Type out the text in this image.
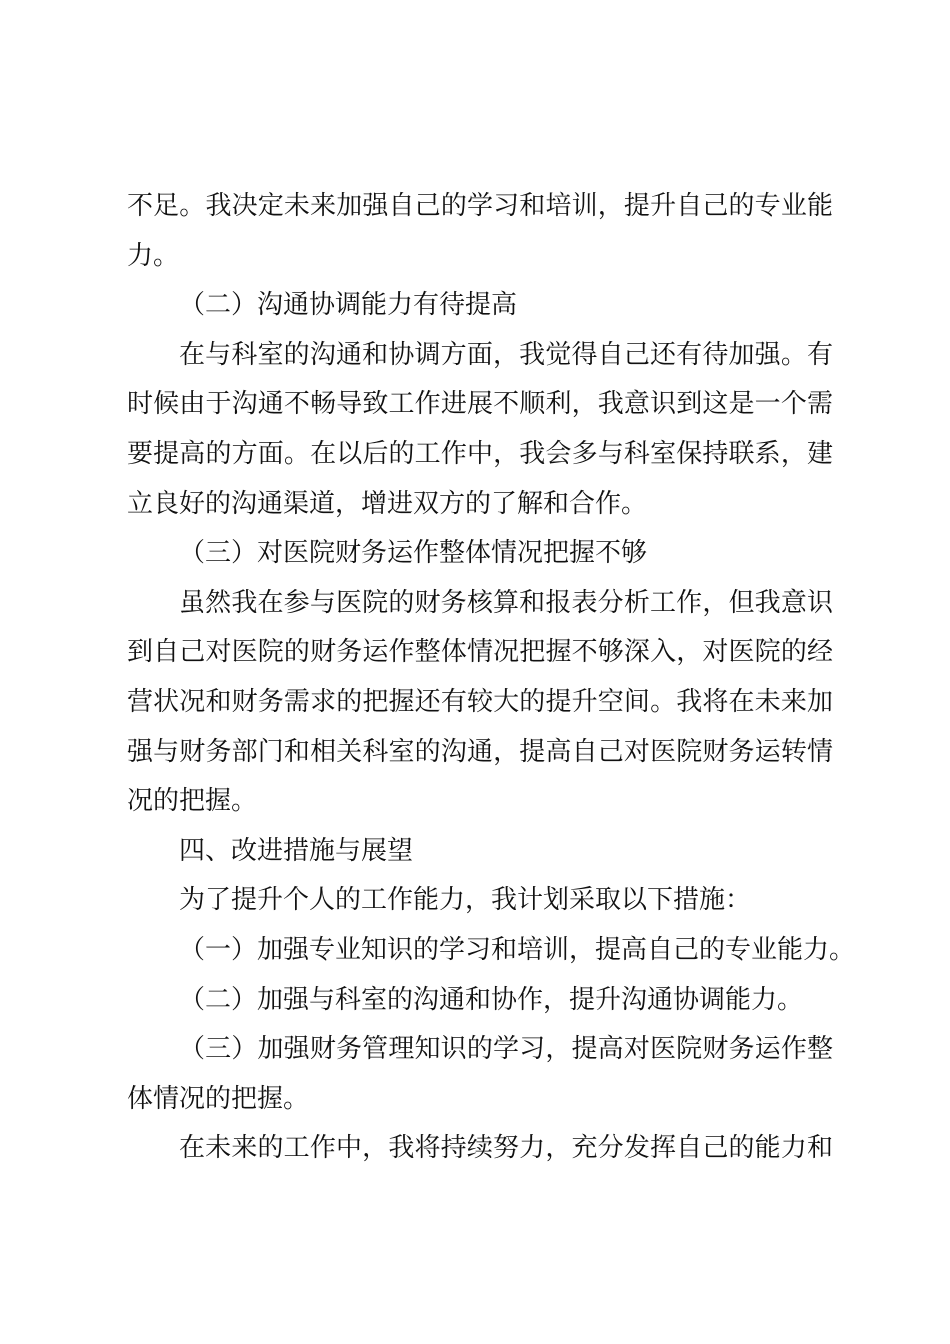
不足。我决定未来加强自己的学习和培训，提升自己的专业能
力。
（二）沟通协调能力有待提高
在与科室的沟通和协调方面，我觉得自己还有待加强。有
时候由于沟通不畅导致工作进展不顺利，我意识到这是一个需
要提高的方面。在以后的工作中，我会多与科室保持联系，建
立良好的沟通渠道，增进双方的了解和合作。
（三）对医院财务运作整体情况把握不够
虽然我在参与医院的财务核算和报表分析工作，但我意识
到自己对医院的财务运作整体情况把握不够深入，对医院的经
营状况和财务需求的把握还有较大的提升空间。我将在未来加
强与财务部门和相关科室的沟通，提高自己对医院财务运转情
况的把握。
四、改进措施与展望
为了提升个人的工作能力，我计划采取以下措施：
（一）加强专业知识的学习和培训，提高自己的专业能力。
（二）加强与科室的沟通和协作，提升沟通协调能力。
（三）加强财务管理知识的学习，提高对医院财务运作整
体情况的把握。
在未来的工作中，我将持续努力，充分发挥自己的能力和
